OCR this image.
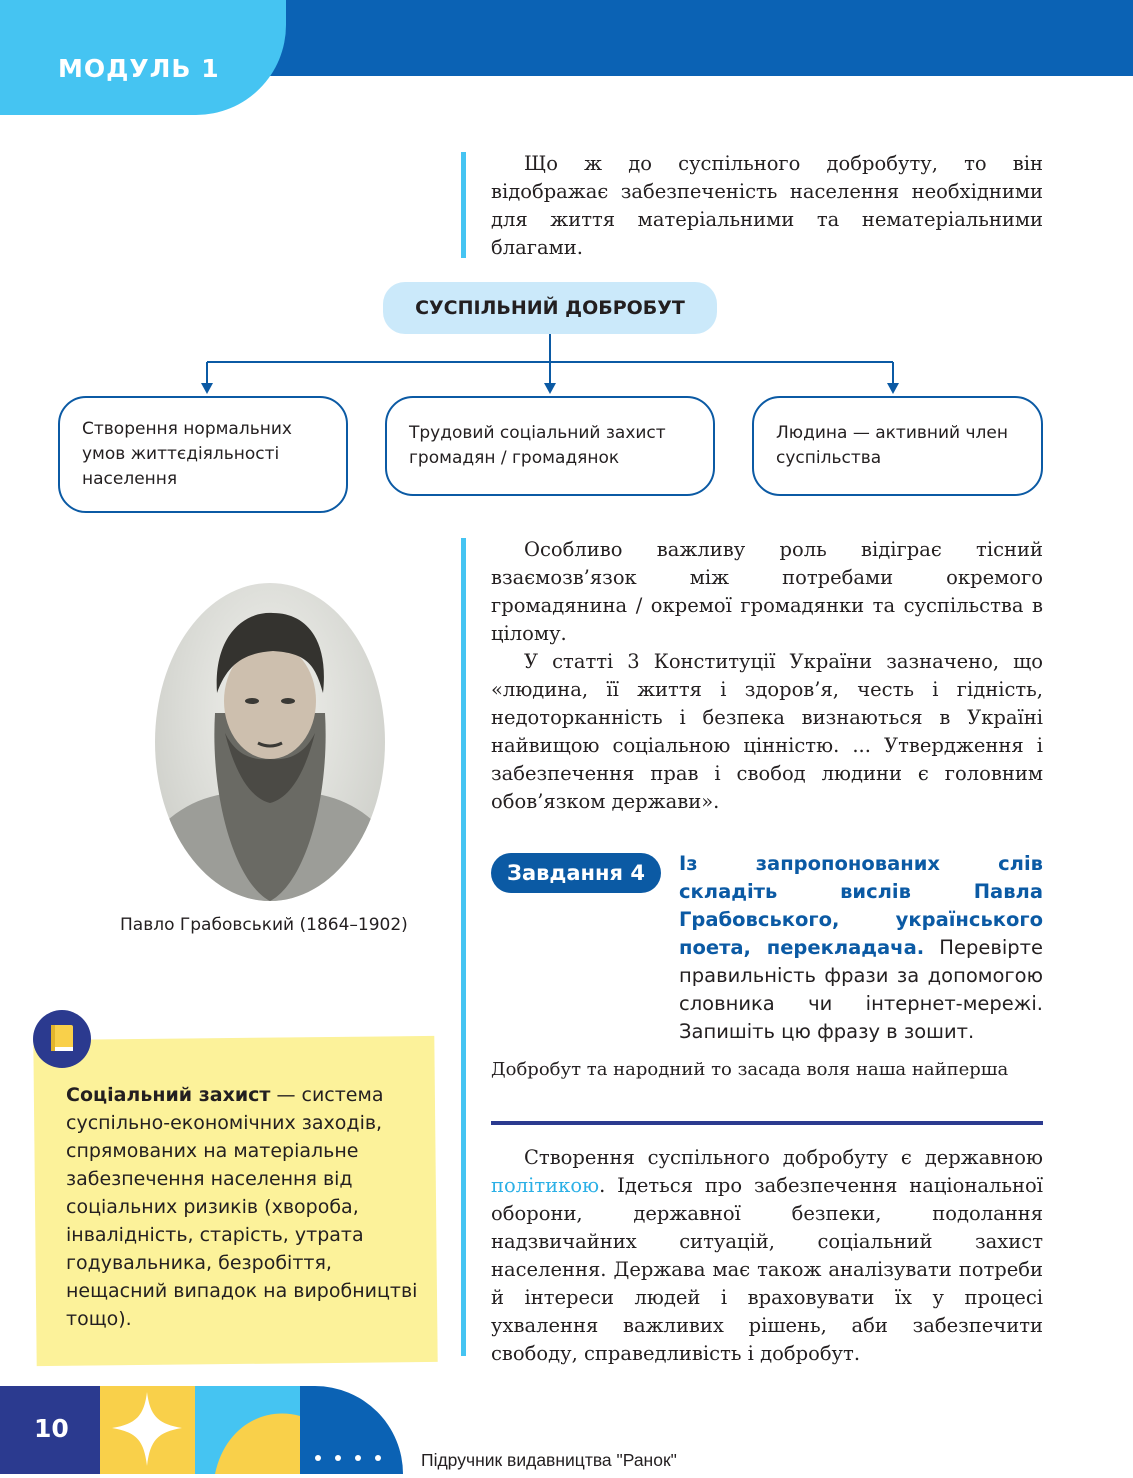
МОДУЛЬ 1
Що ж до суспільного добробуту, то він відображає забезпеченість населення необхідними для життя матеріальними та нематеріальними благами.
СУСПІЛЬНИЙ ДОБРОБУТ
Створення нормальних умов життєдіяльності населення
Трудовий соціальний захист громадян / громадянок
Людина — активний член суспільства
Павло Грабовський (1864–1902)
Особливо важливу роль відіграє тісний взаємозв’язок між потребами окремого громадянина / окремої громадянки та суспільства в цілому.
У статті 3 Конституції України зазначено, що «людина, її життя і здоров’я, честь і гідність, недоторканність і безпека визнаються в Україні найвищою соціальною цінністю. ... Утвердження і забезпечення прав і свобод людини є головним обов’язком держави».
Завдання 4	Із запропонованих слів складіть вислів Павла Грабовського, українського поета, перекладача. Перевірте правильність фрази за допомогою словника чи інтернет-мережі. Запишіть цю фразу в зошит.
Добробут та народний то засада воля наша найперша
Створення суспільного добробуту є державною політикою. Ідеться про забезпечення національної оборони, державної безпеки, подолання надзвичайних ситуацій, соціальний захист населення. Держава має також аналізувати потреби й інтереси людей і враховувати їх у процесі ухвалення важливих рішень, аби забезпечити свободу, справедливість і добробут.
Соціальний захист — система суспільно-економічних заходів, спрямованих на матеріальне забезпечення населення від соціальних ризиків (хвороба, інвалідність, старість, утрата годувальника, безробіття, нещасний випадок на виробництві тощо).
10
Підручник видавництва "Ранок"
